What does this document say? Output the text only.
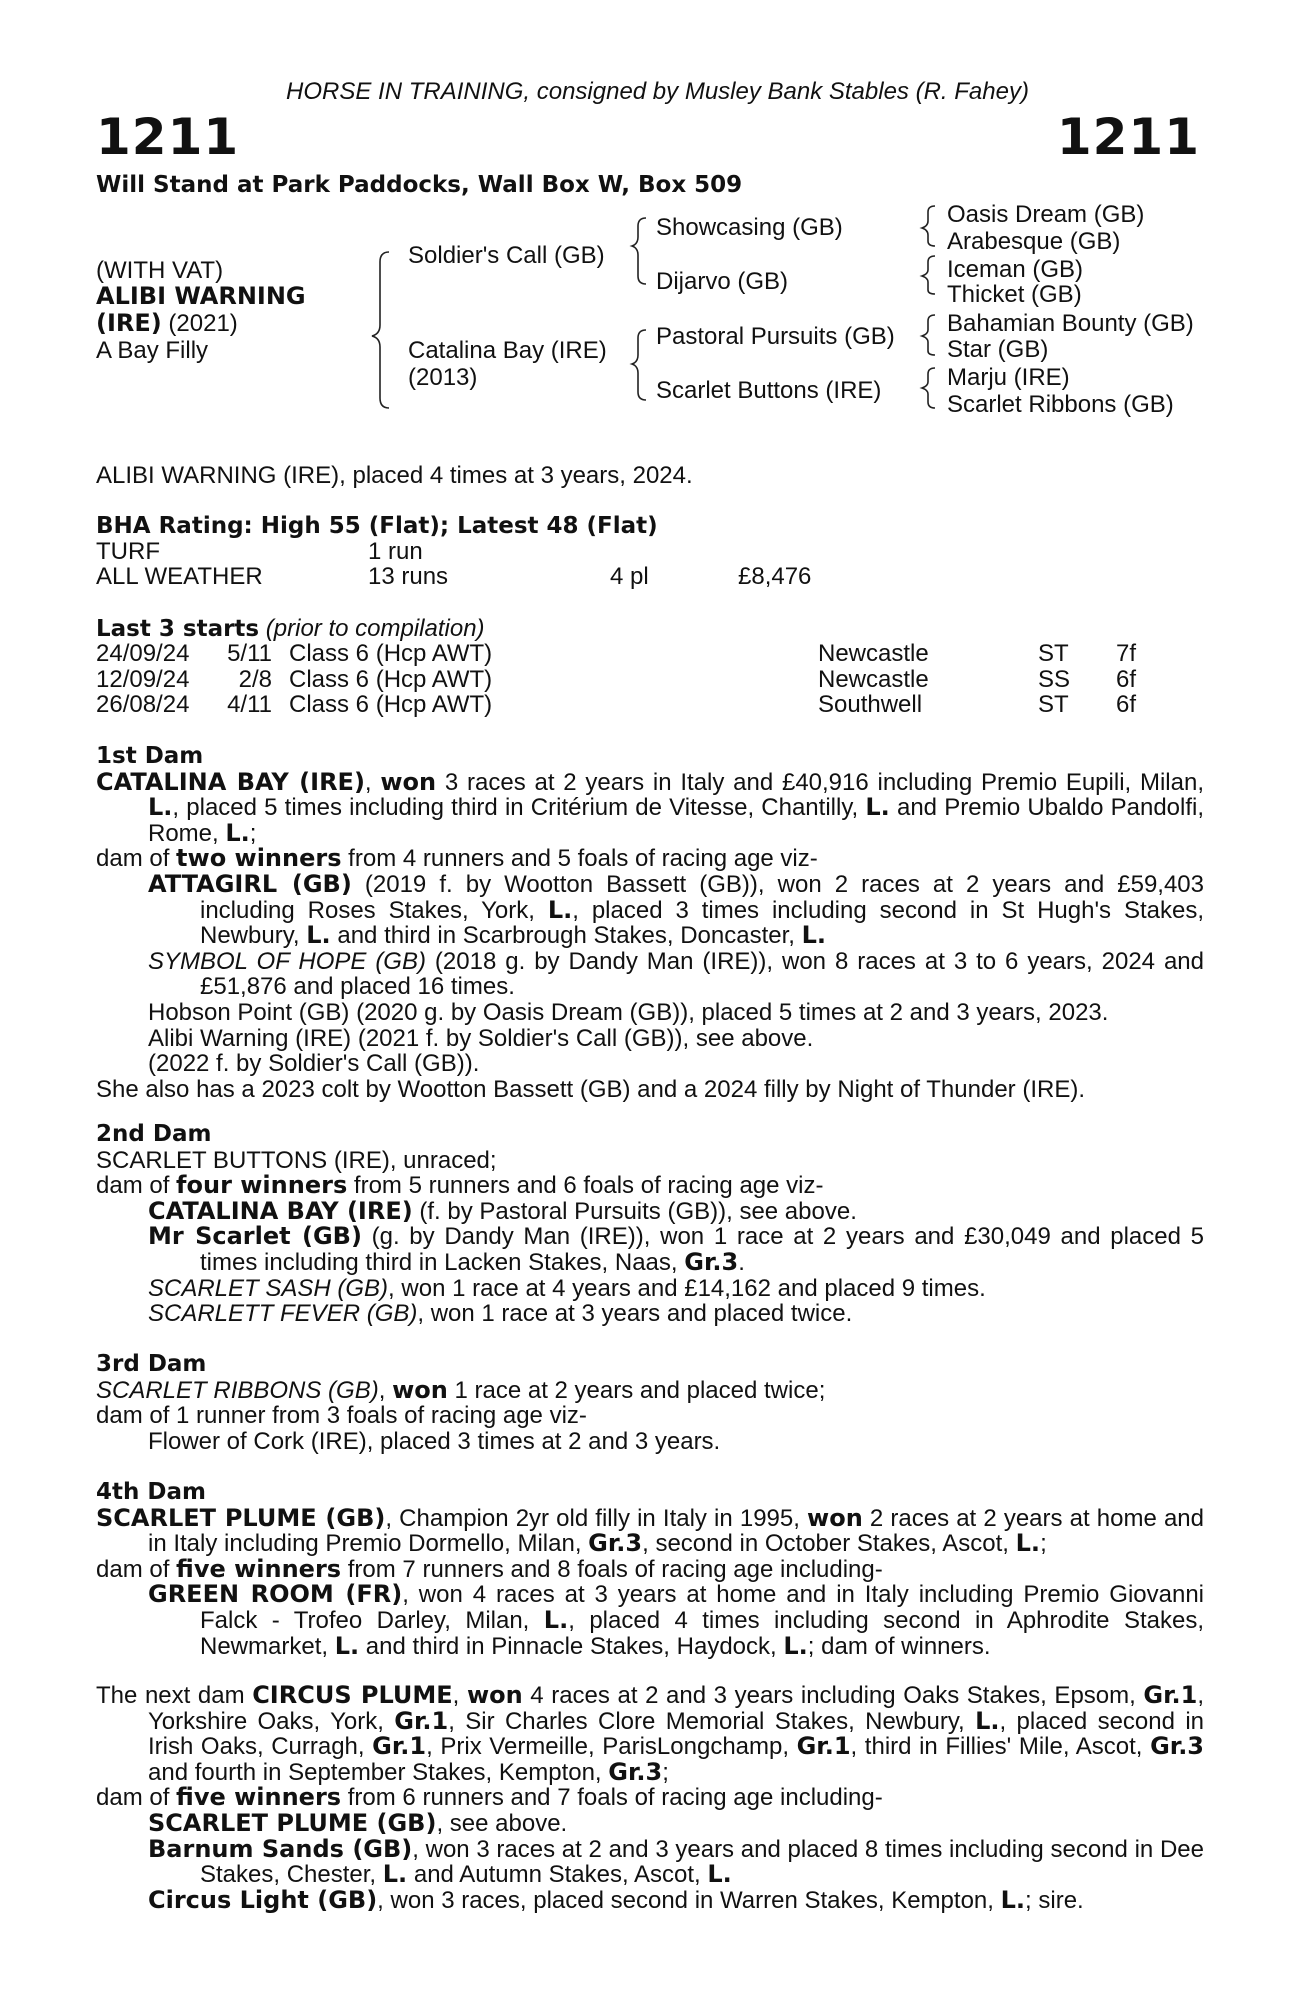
HORSE IN TRAINING, consigned by Musley Bank Stables (R. Fahey)
1211	1211
Will Stand at Park Paddocks, Wall Box W, Box 509
(WITH VAT)
ALIBI WARNING
(IRE) (2021)
A Bay Filly
Soldier's Call (GB)
Catalina Bay (IRE)
(2013)
Showcasing (GB)
Dijarvo (GB)
Pastoral Pursuits (GB)
Scarlet Buttons (IRE)
Oasis Dream (GB)
Arabesque (GB)
Iceman (GB)
Thicket (GB)
Bahamian Bounty (GB)
Star (GB)
Marju (IRE)
Scarlet Ribbons (GB)
ALIBI WARNING (IRE), placed 4 times at 3 years, 2024.
BHA Rating: High 55 (Flat); Latest 48 (Flat)
TURF	1 run
ALL WEATHER	13 runs	4 pl	£8,476
Last 3 starts (prior to compilation)
24/09/24	5/11 Class 6 (Hcp AWT)	Newcastle	ST 7f
12/09/24	2/8 Class 6 (Hcp AWT)	Newcastle	SS 6f
26/08/24	4/11 Class 6 (Hcp AWT)	Southwell	ST 6f
1st Dam

CATALINA BAY (IRE), won 3 races at 2 years in Italy and £40,916 including Premio Eupili, Milan, L., placed 5 times including third in Critérium de Vitesse, Chantilly, L. and Premio Ubaldo Pandolfi, Rome, L.;

dam of two winners from 4 runners and 5 foals of racing age viz-

ATTAGIRL (GB) (2019 f. by Wootton Bassett (GB)), won 2 races at 2 years and £59,403 including Roses Stakes, York, L., placed 3 times including second in St Hugh's Stakes, Newbury, L. and third in Scarbrough Stakes, Doncaster, L.

SYMBOL OF HOPE (GB) (2018 g. by Dandy Man (IRE)), won 8 races at 3 to 6 years, 2024 and £51,876 and placed 16 times.

Hobson Point (GB) (2020 g. by Oasis Dream (GB)), placed 5 times at 2 and 3 years, 2023.

Alibi Warning (IRE) (2021 f. by Soldier's Call (GB)), see above.

(2022 f. by Soldier's Call (GB)).

She also has a 2023 colt by Wootton Bassett (GB) and a 2024 filly by Night of Thunder (IRE).

2nd Dam

SCARLET BUTTONS (IRE), unraced;

dam of four winners from 5 runners and 6 foals of racing age viz-

CATALINA BAY (IRE) (f. by Pastoral Pursuits (GB)), see above.

Mr Scarlet (GB) (g. by Dandy Man (IRE)), won 1 race at 2 years and £30,049 and placed 5 times including third in Lacken Stakes, Naas, Gr.3.

SCARLET SASH (GB), won 1 race at 4 years and £14,162 and placed 9 times.

SCARLETT FEVER (GB), won 1 race at 3 years and placed twice.

3rd Dam

SCARLET RIBBONS (GB), won 1 race at 2 years and placed twice;

dam of 1 runner from 3 foals of racing age viz-

Flower of Cork (IRE), placed 3 times at 2 and 3 years.

4th Dam

SCARLET PLUME (GB), Champion 2yr old filly in Italy in 1995, won 2 races at 2 years at home and in Italy including Premio Dormello, Milan, Gr.3, second in October Stakes, Ascot, L.;

dam of five winners from 7 runners and 8 foals of racing age including-

GREEN ROOM (FR), won 4 races at 3 years at home and in Italy including Premio Giovanni Falck - Trofeo Darley, Milan, L., placed 4 times including second in Aphrodite Stakes, Newmarket, L. and third in Pinnacle Stakes, Haydock, L.; dam of winners.

The next dam CIRCUS PLUME, won 4 races at 2 and 3 years including Oaks Stakes, Epsom, Gr.1, Yorkshire Oaks, York, Gr.1, Sir Charles Clore Memorial Stakes, Newbury, L., placed second in Irish Oaks, Curragh, Gr.1, Prix Vermeille, ParisLongchamp, Gr.1, third in Fillies' Mile, Ascot, Gr.3 and fourth in September Stakes, Kempton, Gr.3;

dam of five winners from 6 runners and 7 foals of racing age including-

SCARLET PLUME (GB), see above.

Barnum Sands (GB), won 3 races at 2 and 3 years and placed 8 times including second in Dee Stakes, Chester, L. and Autumn Stakes, Ascot, L.

Circus Light (GB), won 3 races, placed second in Warren Stakes, Kempton, L.; sire.
